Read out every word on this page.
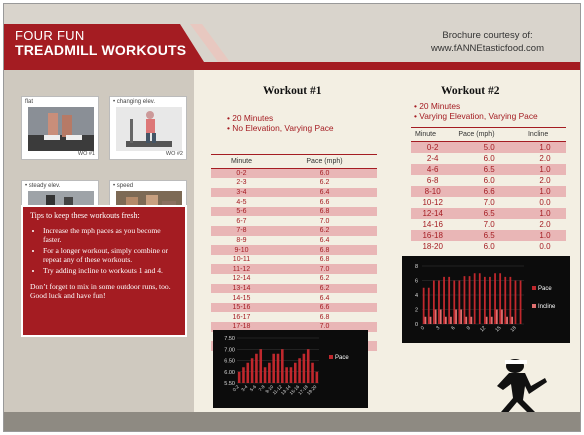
FOUR FUN
TREADMILL WORKOUTS
Brochure courtesy of:
www.fANNEtasticfood.com
flat
WO #1
• changing elev.
WO #2
• steady elev.	• speed
Tips to keep these workouts fresh:
• Increase the mph paces as you become faster.
• For a longer workout, simply combine or repeat any of these workouts.
• Try adding incline to workouts 1 and 4.

Don’t forget to mix in some outdoor runs, too. Good luck and have fun!

Workout #1
• 20 Minutes
• No Elevation, Varying Pace
Minute	Pace (mph)
0-2	6.0
2-3	6.2
3-4	6.4
4-5	6.6
5-6	6.8
6-7	7.0
7-8	6.2
8-9	6.4
9-10	6.8
10-11	6.8
11-12	7.0
12-14	6.2
13-14	6.2
14-15	6.4
15-16	6.6
16-17	6.8
17-18	7.0
18-19	6.4
19-20	6.0
7.50
7.00
6.50
6.00
5.50
0-2 3-4 5-6 7-8
9-10
11-12
13-14
15-16
17-18
19-20
Pace
Workout #2
• 20 Minutes
• Varying Elevation, Varying Pace
Minute	Pace (mph)	Incline
0-2	5.0	1.0
2-4	6.0	2.0
4-6	6.5	1.0
6-8	6.0	2.0
8-10	6.6	1.0
10-12	7.0	0.0
12-14	6.5	1.0
14-16	7.0	2.0
16-18	6.5	1.0
18-20	6.0	0.0
8
6
4
2
0
0 3 6 9 12 15 18
Pace
Incline
